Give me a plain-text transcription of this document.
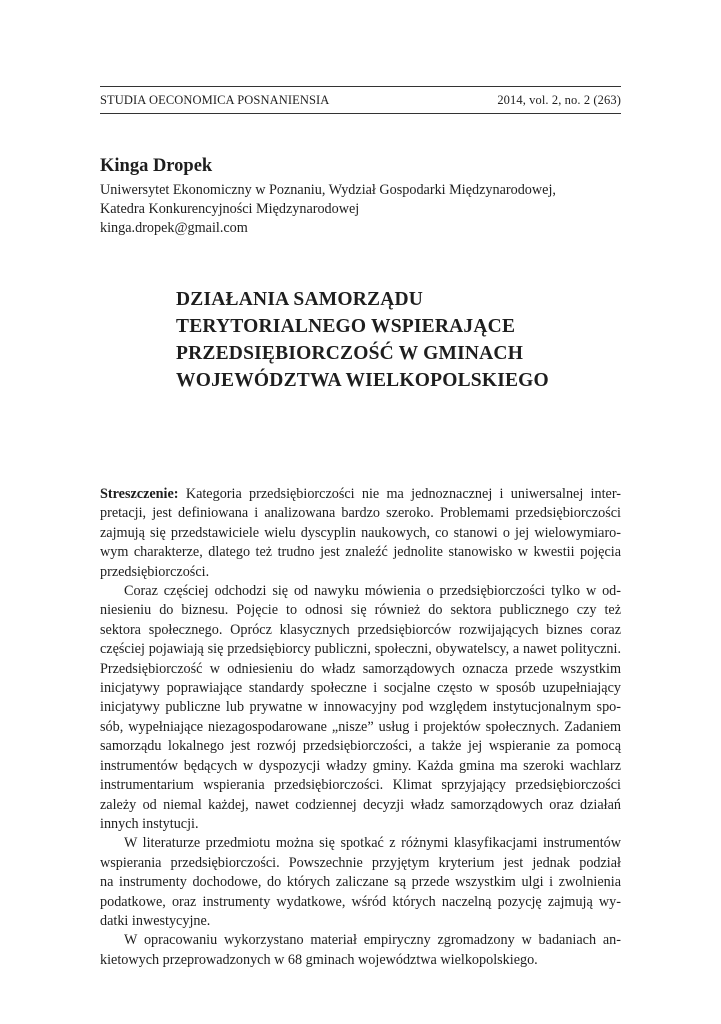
STUDIA OECONOMICA POSNANIENSIA	2014, vol. 2, no. 2 (263)
Kinga Dropek
Uniwersytet Ekonomiczny w Poznaniu, Wydział Gospodarki Międzynarodowej,
Katedra Konkurencyjności Międzynarodowej
kinga.dropek@gmail.com
DZIAŁANIA SAMORZĄDU
TERYTORIALNEGO WSPIERAJĄCE
PRZEDSIĘBIORCZOŚĆ W GMINACH
WOJEWÓDZTWA WIELKOPOLSKIEGO
Streszczenie: Kategoria przedsiębiorczości nie ma jednoznacznej i uniwersalnej inter-
pretacji, jest definiowana i analizowana bardzo szeroko. Problemami przedsiębiorczości
zajmują się przedstawiciele wielu dyscyplin naukowych, co stanowi o jej wielowymiaro-
wym charakterze, dlatego też trudno jest znaleźć jednolite stanowisko w kwestii pojęcia
przedsiębiorczości.
Coraz częściej odchodzi się od nawyku mówienia o przedsiębiorczości tylko w od-
niesieniu do biznesu. Pojęcie to odnosi się również do sektora publicznego czy też
sektora społecznego. Oprócz klasycznych przedsiębiorców rozwijających biznes coraz
częściej pojawiają się przedsiębiorcy publiczni, społeczni, obywatelscy, a nawet polityczni.
Przedsiębiorczość w odniesieniu do władz samorządowych oznacza przede wszystkim
inicjatywy poprawiające standardy społeczne i socjalne często w sposób uzupełniający
inicjatywy publiczne lub prywatne w innowacyjny pod względem instytucjonalnym spo-
sób, wypełniające niezagospodarowane „nisze” usług i projektów społecznych. Zadaniem
samorządu lokalnego jest rozwój przedsiębiorczości, a także jej wspieranie za pomocą
instrumentów będących w dyspozycji władzy gminy. Każda gmina ma szeroki wachlarz
instrumentarium wspierania przedsiębiorczości. Klimat sprzyjający przedsiębiorczości
zależy od niemal każdej, nawet codziennej decyzji władz samorządowych oraz działań
innych instytucji.
W literaturze przedmiotu można się spotkać z różnymi klasyfikacjami instrumentów
wspierania przedsiębiorczości. Powszechnie przyjętym kryterium jest jednak podział
na instrumenty dochodowe, do których zaliczane są przede wszystkim ulgi i zwolnienia
podatkowe, oraz instrumenty wydatkowe, wśród których naczelną pozycję zajmują wy-
datki inwestycyjne.
W opracowaniu wykorzystano materiał empiryczny zgromadzony w badaniach an-
kietowych przeprowadzonych w 68 gminach województwa wielkopolskiego.
